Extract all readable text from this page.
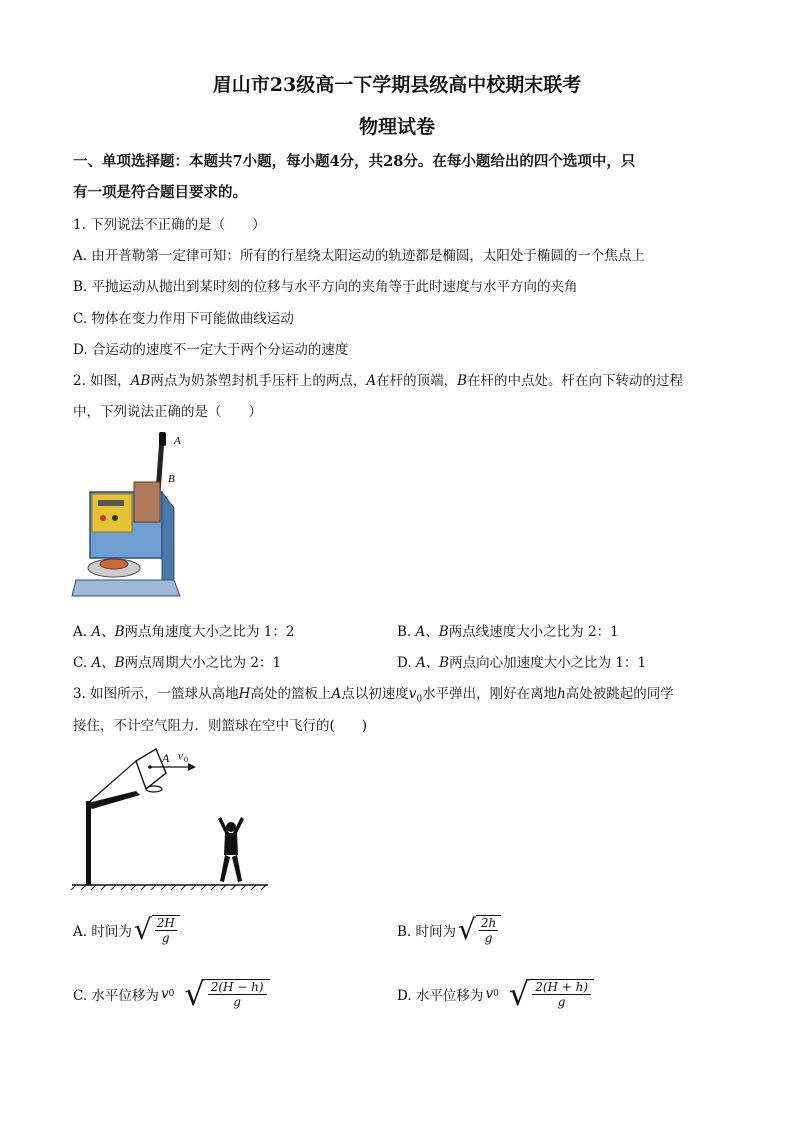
眉山市23级高一下学期县级高中校期末联考
物理试卷
一、单项选择题：本题共7小题，每小题4分，共28分。在每小题给出的四个选项中，只
有一项是符合题目要求的。
1. 下列说法不正确的是（　　）
A. 由开普勒第一定律可知：所有的行星绕太阳运动的轨迹都是椭圆，太阳处于椭圆的一个焦点上
B. 平抛运动从抛出到某时刻的位移与水平方向的夹角等于此时速度与水平方向的夹角
C. 物体在变力作用下可能做曲线运动
D. 合运动的速度不一定大于两个分运动的速度
2. 如图，AB两点为奶茶塑封机手压杆上的两点，A在杆的顶端，B在杆的中点处。杆在向下转动的过程
中，下列说法正确的是（　　）
A
B
A. A、B两点角速度大小之比为 1：2	B. A、B两点线速度大小之比为 2：1
C. A、B两点周期大小之比为 2：1	D. A、B两点向心加速度大小之比为 1：1
3. 如图所示，一篮球从高地H高处的篮板上A点以初速度$v_0$水平弹出，刚好在离地h高处被跳起的同学
接住，不计空气阻力．则篮球在空中飞行的(　　)
A v 0
A. 时间为 √ $\frac{2H}{g}$	B. 时间为 √ $\frac{2h}{g}$
C. 水平位移为 v 0 √ $\frac{2(H - h)}{g}$	D. 水平位移为 v 0 √ $\frac{2(H + h)}{g}$
